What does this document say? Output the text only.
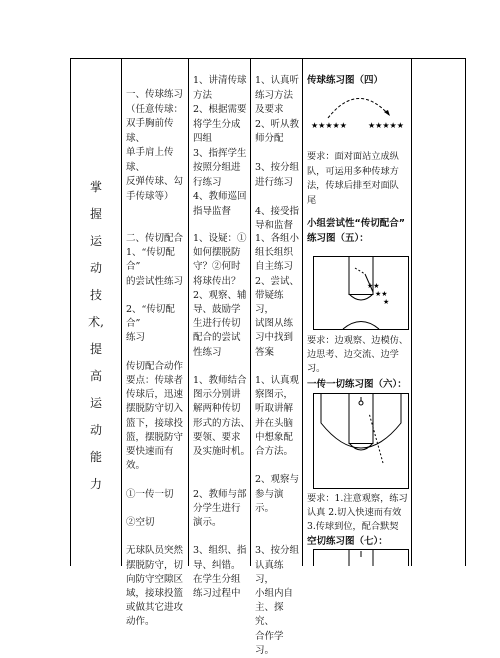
掌
握
运
动
技
术,
提
高
运
动
能
力
一、传球练习
（任意传球：
双手胸前传球、
单手肩上传球、
反弹传球、勾
手传球等）
二、传切配合
1、“传切配合”
的尝试性练习

2、“传切配合”
练习

传切配合动作
要点：传球者
传球后，迅速
摆脱防守切入
篮下，接球投
篮，摆脱防守
要快速而有效。

①一传一切

②空切

无球队员突然
摆脱防守，切
向防守空隙区
域，接球投篮
或做其它进攻
动作。
1、讲清传球
方法
2、根据需要
将学生分成
四组
3、指挥学生
按照分组进
行练习
4、教师巡回
指导监督
1、设疑：①
如何摆脱防
守？②何时
将球传出？
2、观察、辅
导、鼓励学
生进行传切
配合的尝试
性练习

1、教师结合
图示分别讲
解两种传切
形式的方法、
要领、要求
及实施时机。

2、教师与部
分学生进行
演示。

3、组织、指
导、纠错。
在学生分组
练习过程中
1、认真听
练习方法
及要求
2、听从教
师分配

3、按分组
进行练习

4、接受指
导和监督
1、各组小
组长组织
自主练习
2、尝试、
带疑练习，
试图从练
习中找到
答案

1、认真观
察图示，
听取讲解
并在头脑
中想象配
合方法。

2、观察与
参与演示。

3、按分组
认真练习，
小组内自
主、探究、
合作学习。
传球练习图（四）
★★★★★	★★★★★
要求：面对面站立成纵
队，可运用多种传球方
法，传球后排至对面队
尾
小组尝试性“传切配合”
练习图（五）：
★★
★★
★
要求：边观察、边模仿、
边思考、边交流、边学
习。
一传一切练习图（六）：
要求：1.注意观察，练习
认真 2.切入快速而有效
3.传球到位，配合默契
空切练习图（七）：
